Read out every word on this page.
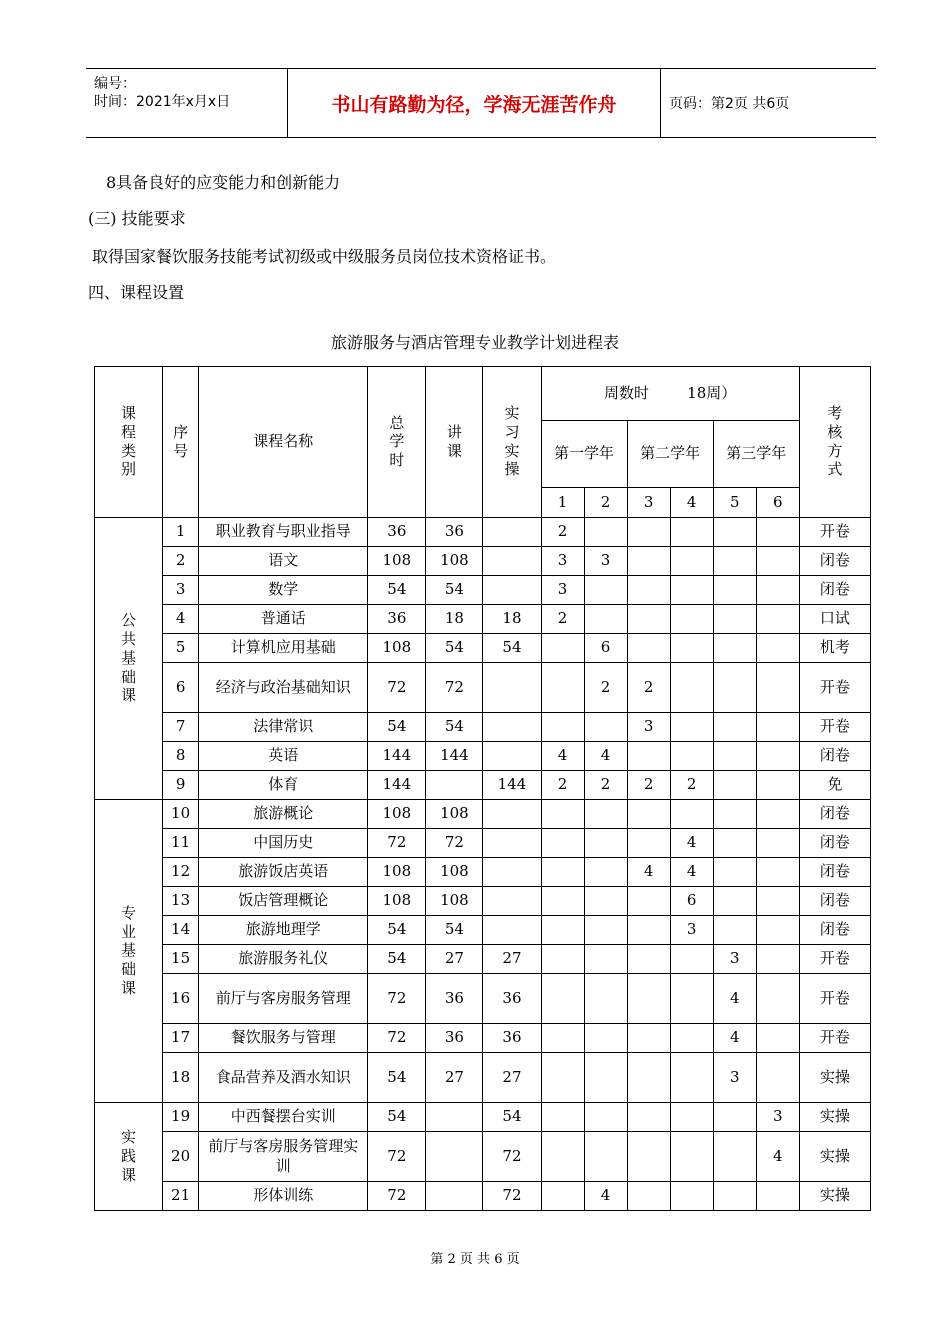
编号：
时间：2021年x月x日	书山有路勤为径，学海无涯苦作舟	页码：第2页 共6页
8具备良好的应变能力和创新能力
(三) 技能要求
取得国家餐饮服务技能考试初级或中级服务员岗位技术资格证书。
四、课程设置
旅游服务与酒店管理专业教学计划进程表
课程类别	序号	课程名称	总学时	讲课	实习实操	周数时        18周）						考核方式
						第一学年		第二学年		第三学年		
						1	2	3	4	5	6	
公共基础课	1	职业教育与职业指导	36	36		2						开卷
	2	语文	108	108		3	3					闭卷
	3	数学	54	54		3						闭卷
	4	普通话	36	18	18	2						口试
	5	计算机应用基础	108	54	54		6					机考
	6	经济与政治基础知识	72	72			2	2				开卷
	7	法律常识	54	54				3				开卷
	8	英语	144	144		4	4					闭卷
	9	体育	144		144	2	2	2	2			免
专业基础课	10	旅游概论	108	108								闭卷
	11	中国历史	72	72					4			闭卷
	12	旅游饭店英语	108	108				4	4			闭卷
	13	饭店管理概论	108	108					6			闭卷
	14	旅游地理学	54	54					3			闭卷
	15	旅游服务礼仪	54	27	27					3		开卷
	16	前厅与客房服务管理	72	36	36					4		开卷
	17	餐饮服务与管理	72	36	36					4		开卷
	18	食品营养及酒水知识	54	27	27					3		实操
实践课	19	中西餐摆台实训	54		54						3	实操
	20	前厅与客房服务管理实训	72		72						4	实操
	21	形体训练	72		72		4					实操
第 2 页 共 6 页
